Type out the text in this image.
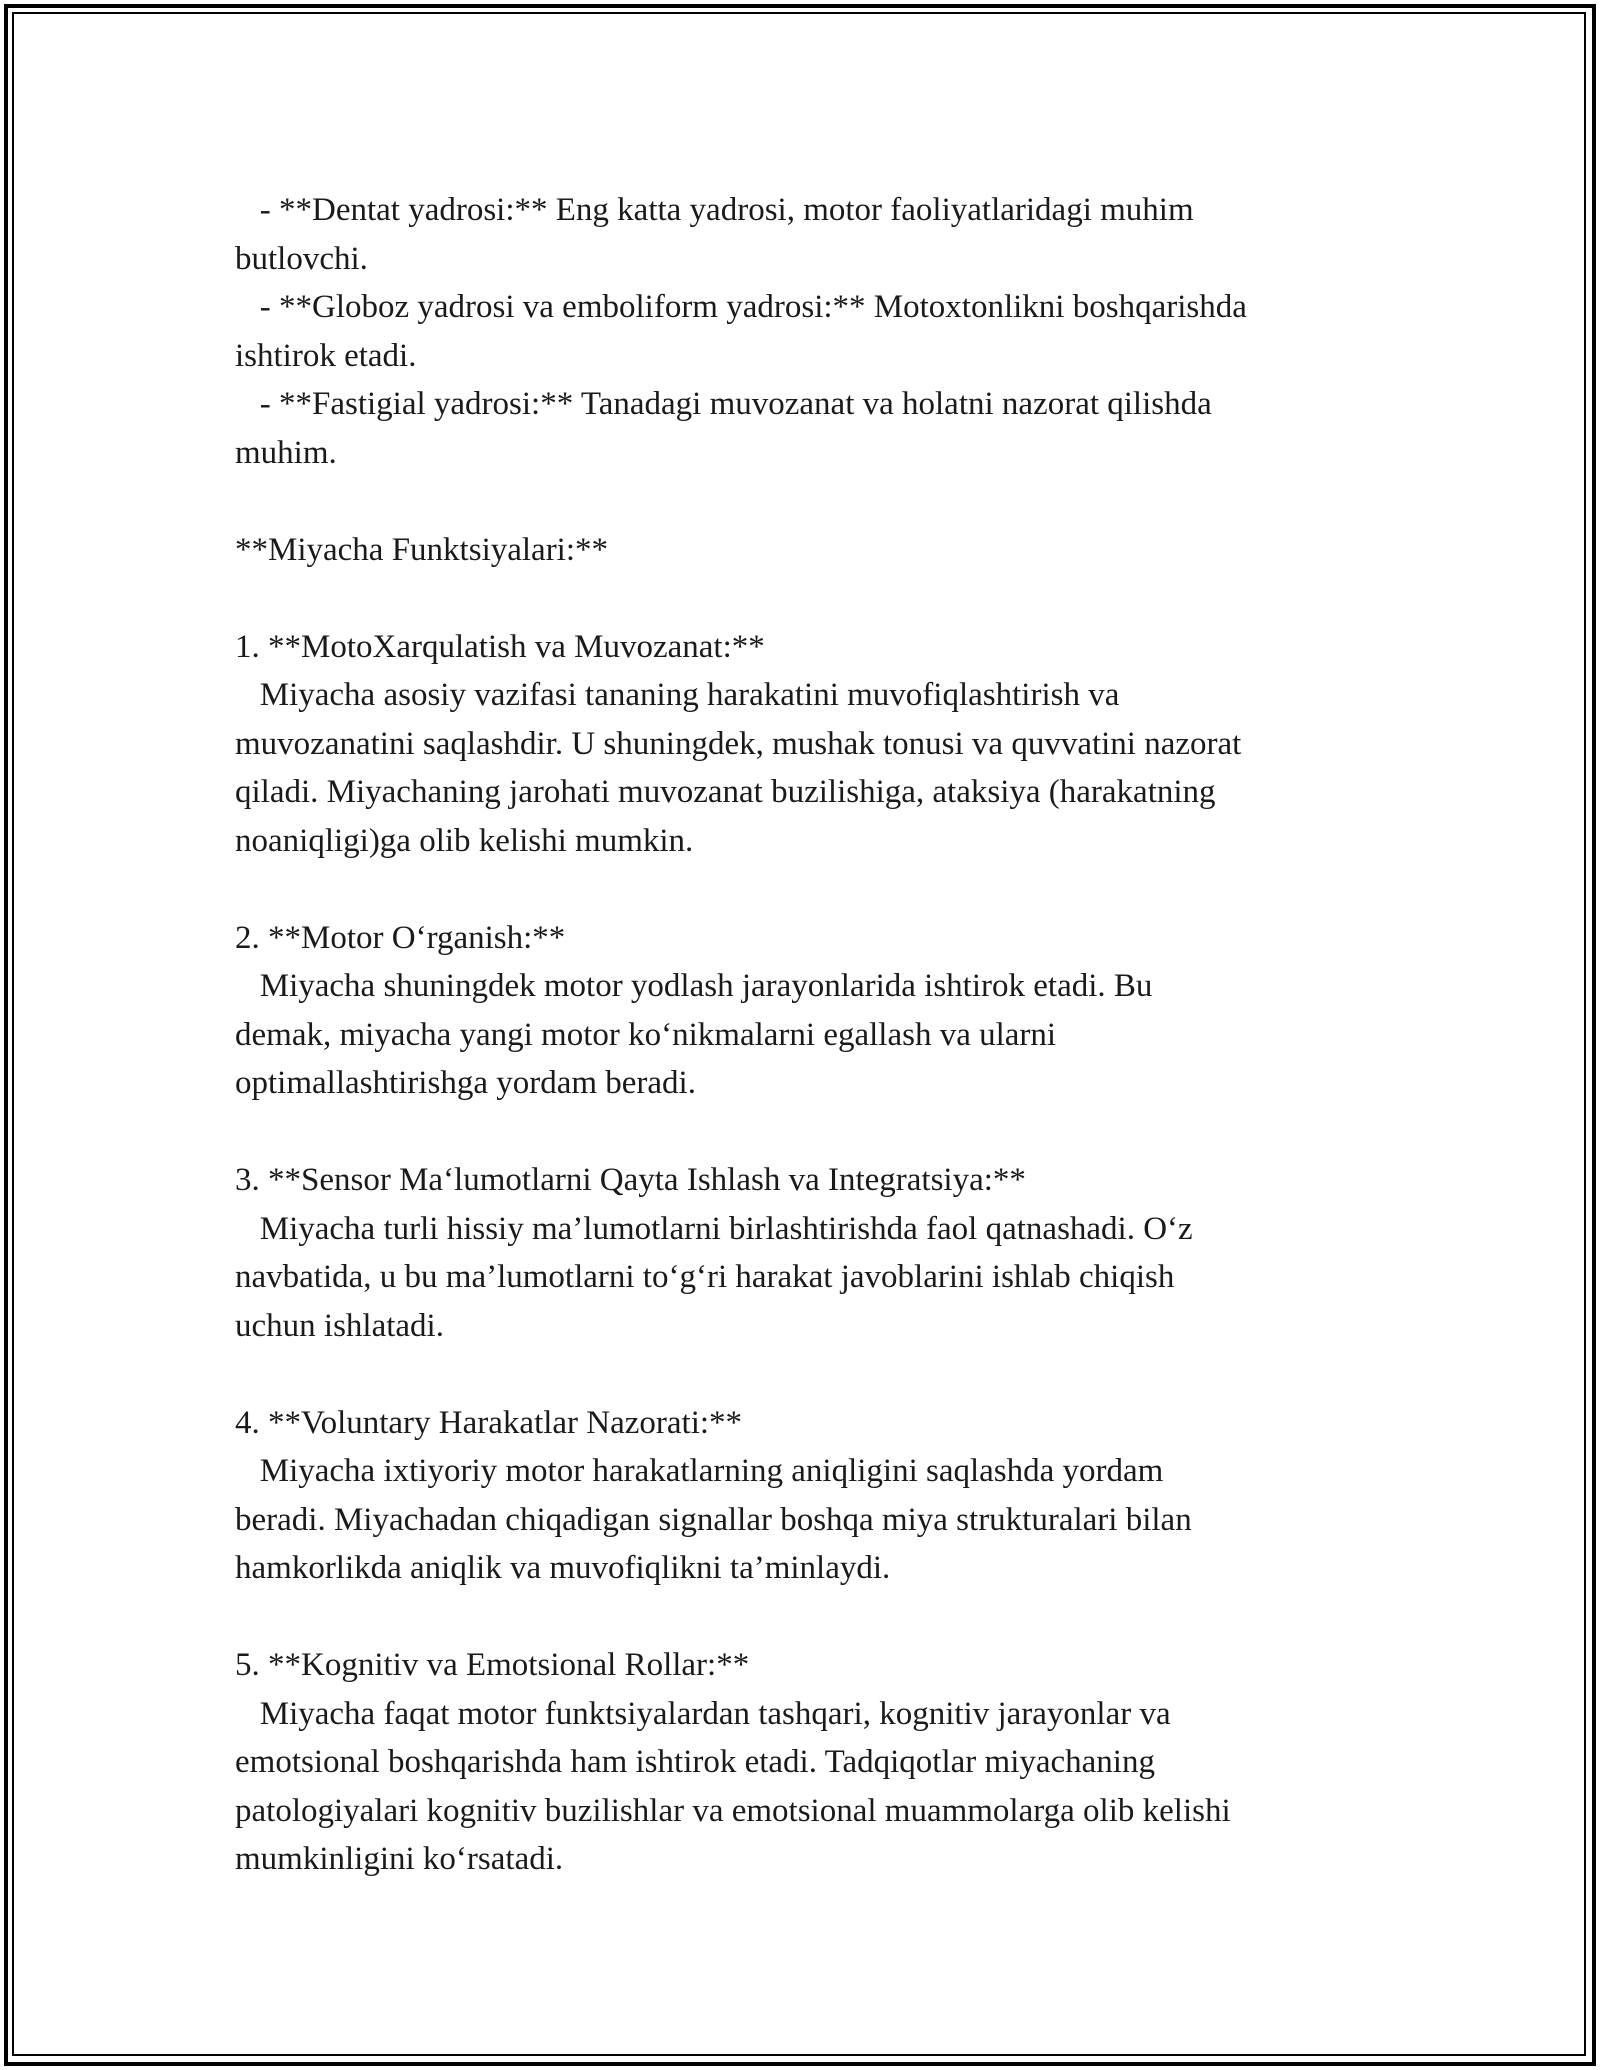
- **Dentat yadrosi:** Eng katta yadrosi, motor faoliyatlaridagi muhim

butlovchi.

- **Globoz yadrosi va emboliform yadrosi:** Motoxtonlikni boshqarishda

ishtirok etadi.

- **Fastigial yadrosi:** Tanadagi muvozanat va holatni nazorat qilishda

muhim.

**Miyacha Funktsiyalari:**

1. **MotoXarqulatish va Muvozanat:**

Miyacha asosiy vazifasi tananing harakatini muvofiqlashtirish va

muvozanatini saqlashdir. U shuningdek, mushak tonusi va quvvatini nazorat

qiladi. Miyachaning jarohati muvozanat buzilishiga, ataksiya (harakatning

noaniqligi)ga olib kelishi mumkin.

2. **Motor O‘rganish:**

Miyacha shuningdek motor yodlash jarayonlarida ishtirok etadi. Bu

demak, miyacha yangi motor ko‘nikmalarni egallash va ularni

optimallashtirishga yordam beradi.

3. **Sensor Ma‘lumotlarni Qayta Ishlash va Integratsiya:**

Miyacha turli hissiy ma’lumotlarni birlashtirishda faol qatnashadi. O‘z

navbatida, u bu ma’lumotlarni to‘g‘ri harakat javoblarini ishlab chiqish

uchun ishlatadi.

4. **Voluntary Harakatlar Nazorati:**

Miyacha ixtiyoriy motor harakatlarning aniqligini saqlashda yordam

beradi. Miyachadan chiqadigan signallar boshqa miya strukturalari bilan

hamkorlikda aniqlik va muvofiqlikni ta’minlaydi.

5. **Kognitiv va Emotsional Rollar:**

Miyacha faqat motor funktsiyalardan tashqari, kognitiv jarayonlar va

emotsional boshqarishda ham ishtirok etadi. Tadqiqotlar miyachaning

patologiyalari kognitiv buzilishlar va emotsional muammolarga olib kelishi

mumkinligini ko‘rsatadi.
